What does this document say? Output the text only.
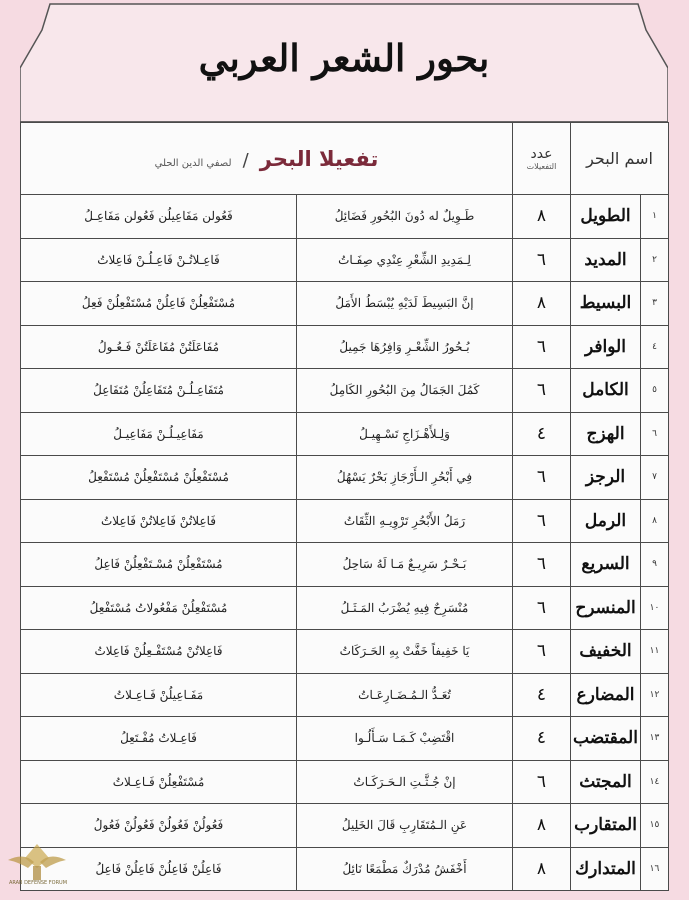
بحور الشعر العربي
اسم البحر		عدد
التفعيلات	تفعيلا البحر / لصفي الدين الحلي	
١	الطويل	٨	طَـوِيلٌ له دُونَ البُحُورِ فَضَائِلُ	فَعُولن مَفَاعِيلُن فَعُولن مَفَاعِـلُ
٢	المديد	٦	لِـمَدِيدِ الشِّعْرِ عِنْدِي صِفَـاتُ	فَاعِـلاتُـنْ فَاعِـلُـنْ فَاعِلاتُ
٣	البسيط	٨	إنَّ البَسِيطَ لَدَيْهِ يُبْسَطُ الأَمَلُ	مُسْتَفْعِلُنْ فَاعِلُنْ مُسْتَفْعِلُنْ فَعِلُ
٤	الوافر	٦	بُـحُورُ الشِّعْـرِ وَافِرُهَا جَمِيلُ	مُفَاعَلَتُنْ مُفَاعَلَتُنْ فَـعُـولُ
٥	الكامل	٦	كَمُلَ الجَمَالُ مِنَ البُحُورِ الكَامِلُ	مُتَفَاعِـلُـنْ مُتَفَاعِلُنْ مُتَفَاعِلُ
٦	الهزج	٤	وَلِـلأَهْـزَاجِ تَسْـهِيـلُ	مَفَاعِيـلُـنْ مَفَاعِيـلُ
٧	الرجز	٦	فِي أَبْحُرِ الـأَرْجَازِ بَحْرٌ يَسْهُلُ	مُسْتَفْعِلُنْ مُسْتَفْعِلُنْ مُسْتَفْعِلُ
٨	الرمل	٦	رَمَلُ الأَبْحُرِ تَرْوِيـهِ الثِّقَاتُ	فَاعِلاتُنْ فَاعِلاتُنْ فَاعِلاتُ
٩	السريع	٦	بَـحْـرٌ سَرِيـعٌ مَـا لَهُ سَاحِلُ	مُسْتَفْعِلُنْ مُسْـتَفْعِلُنْ فَاعِلُ
١٠	المنسرح	٦	مُنْسَرِحٌ فِيهِ يُضْرَبُ المَـثَـلُ	مُسْتَفْعِلُنْ مَفْعُولاتُ مُسْتَفْعِلُ
١١	الخفيف	٦	يَا خَفِيفاً خَفَّتْ بِهِ الحَـرَكَاتُ	فَاعِلاتُنْ مُسْتَفْـعِلُنْ فَاعِلاتُ
١٢	المضارع	٤	تُعَـدُّ الـمُـضَـارِعَـاتُ	مَفَـاعِيلُنْ فَـاعِـلاتُ
١٣	المقتضب	٤	اقْتَضِبْ كَـمَـا سَـأَلُـوا	فَاعِـلاتُ مُفْـتَعِلُ
١٤	المجتث	٦	إنْ جُـثَّـتِ الـحَـرَكَـاتُ	مُسْتَفْعِلُنْ فَـاعِـلاتُ
١٥	المتقارب	٨	عَنِ الـمُتَقَارِبِ قَالَ الخَلِيلُ	فَعُولُنْ فَعُولُنْ فَعُولُنْ فَعُولُ
١٦	المتدارك	٨	أَخْفَشُ مُدْرَكٌ مَطْمَعًا نَائِلُ	فَاعِلُنْ فَاعِلُنْ فَاعِلُنْ فَاعِلُ
ARAB DEFENSE FORUM
